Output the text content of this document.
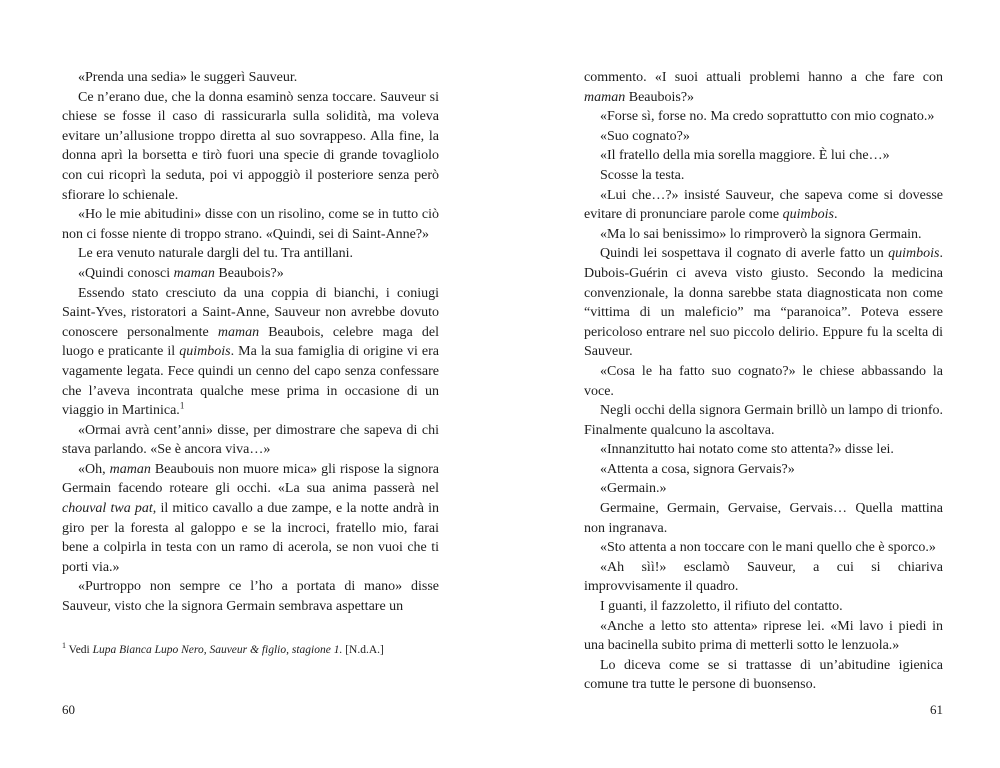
«Prenda una sedia» le suggerì Sauveur.

Ce n’erano due, che la donna esaminò senza toccare. Sauveur si chiese se fosse il caso di rassicurarla sulla solidità, ma voleva evitare un’allusione troppo diretta al suo sovrappeso. Alla fine, la donna aprì la borsetta e tirò fuori una specie di grande tovagliolo con cui ricoprì la seduta, poi vi appoggiò il posteriore senza però sfiorare lo schienale.

«Ho le mie abitudini» disse con un risolino, come se in tutto ciò non ci fosse niente di troppo strano. «Quindi, sei di Saint-Anne?»

Le era venuto naturale dargli del tu. Tra antillani.

«Quindi conosci maman Beaubois?»

Essendo stato cresciuto da una coppia di bianchi, i coniugi Saint-Yves, ristoratori a Saint-Anne, Sauveur non avrebbe dovuto conoscere personalmente maman Beaubois, celebre maga del luogo e praticante il quimbois. Ma la sua famiglia di origine vi era vagamente legata. Fece quindi un cenno del capo senza confessare che l’aveva incontrata qualche mese prima in occasione di un viaggio in Martinica.$^1$

«Ormai avrà cent’anni» disse, per dimostrare che sapeva di chi stava parlando. «Se è ancora viva…»

«Oh, maman Beaubouis non muore mica» gli rispose la signora Germain facendo roteare gli occhi. «La sua anima passerà nel chouval twa pat, il mitico cavallo a due zampe, e la notte andrà in giro per la foresta al galoppo e se la incroci, fratello mio, farai bene a colpirla in testa con un ramo di acerola, se non vuoi che ti porti via.»

«Purtroppo non sempre ce l’ho a portata di mano» disse Sauveur, visto che la signora Germain sembrava aspettare un

$^1$ Vedi Lupa Bianca Lupo Nero, Sauveur & figlio, stagione 1. [N.d.A.]
60

commento. «I suoi attuali problemi hanno a che fare con maman Beaubois?»

«Forse sì, forse no. Ma credo soprattutto con mio cognato.»

«Suo cognato?»

«Il fratello della mia sorella maggiore. È lui che…»

Scosse la testa.

«Lui che…?» insisté Sauveur, che sapeva come si dovesse evitare di pronunciare parole come quimbois.

«Ma lo sai benissimo» lo rimproverò la signora Germain.

Quindi lei sospettava il cognato di averle fatto un quimbois. Dubois-Guérin ci aveva visto giusto. Secondo la medicina convenzionale, la donna sarebbe stata diagnosticata non come “vittima di un maleficio” ma “paranoica”. Poteva essere pericoloso entrare nel suo piccolo delirio. Eppure fu la scelta di Sauveur.

«Cosa le ha fatto suo cognato?» le chiese abbassando la voce.

Negli occhi della signora Germain brillò un lampo di trionfo. Finalmente qualcuno la ascoltava.

«Innanzitutto hai notato come sto attenta?» disse lei.

«Attenta a cosa, signora Gervais?»

«Germain.»

Germaine, Germain, Gervaise, Gervais… Quella mattina non ingranava.

«Sto attenta a non toccare con le mani quello che è sporco.»

«Ah sìì!» esclamò Sauveur, a cui si chiariva improvvisamente il quadro.

I guanti, il fazzoletto, il rifiuto del contatto.

«Anche a letto sto attenta» riprese lei. «Mi lavo i piedi in una bacinella subito prima di metterli sotto le lenzuola.»

Lo diceva come se si trattasse di un’abitudine igienica comune tra tutte le persone di buonsenso.

61
